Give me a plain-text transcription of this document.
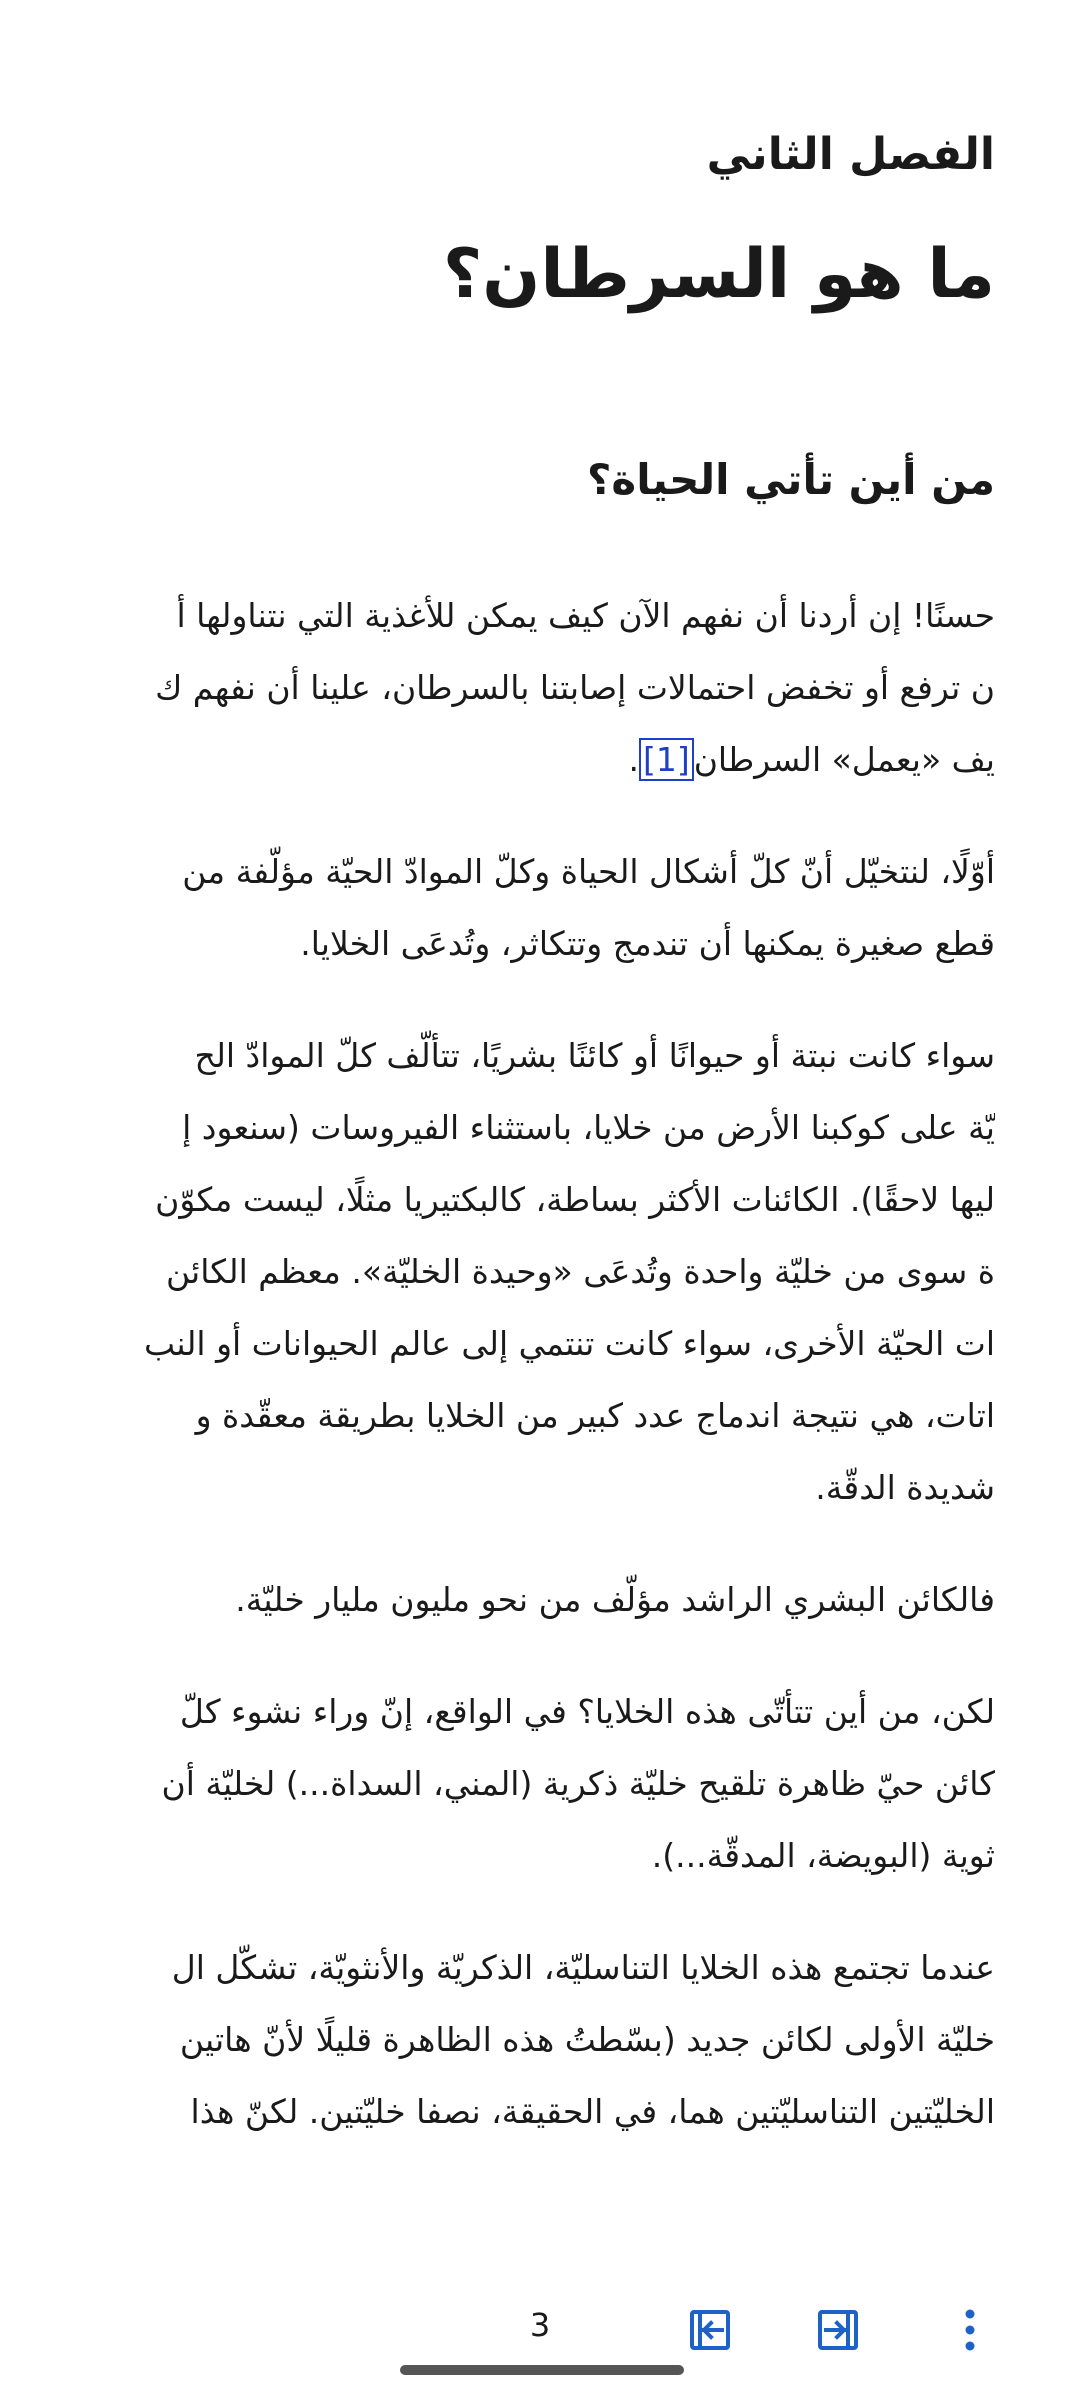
الفصل الثاني
ما هو السرطان؟
من أين تأتي الحياة؟

حسنًا! إن أردنا أن نفهم الآن كيف يمكن للأغذية التي نتناولها أ
ن ترفع أو تخفض احتمالات إصابتنا بالسرطان، علينا أن نفهم ك
يف «يعمل» السرطان[1].

أوّلًا، لنتخيّل أنّ كلّ أشكال الحياة وكلّ الموادّ الحيّة مؤلّفة من
قطع صغيرة يمكنها أن تندمج وتتكاثر، وتُدعَى الخلايا.

سواء كانت نبتة أو حيوانًا أو كائنًا بشريًا، تتألّف كلّ الموادّ الح
يّة على كوكبنا الأرض من خلايا، باستثناء الفيروسات (سنعود إ
ليها لاحقًا). الكائنات الأكثر بساطة، كالبكتيريا مثلًا، ليست مكوّن
ة سوى من خليّة واحدة وتُدعَى «وحيدة الخليّة». معظم الكائن
ات الحيّة الأخرى، سواء كانت تنتمي إلى عالم الحيوانات أو النب
اتات، هي نتيجة اندماج عدد كبير من الخلايا بطريقة معقّدة و
شديدة الدقّة.

فالكائن البشري الراشد مؤلّف من نحو مليون مليار خليّة.

لكن، من أين تتأتّى هذه الخلايا؟ في الواقع، إنّ وراء نشوء كلّ
كائن حيّ ظاهرة تلقيح خليّة ذكرية (المني، السداة...) لخليّة أن
ثوية (البويضة، المدقّة...).

عندما تجتمع هذه الخلايا التناسليّة، الذكريّة والأنثويّة، تشكّل ال
خليّة الأولى لكائن جديد (بسّطتُ هذه الظاهرة قليلًا لأنّ هاتين
الخليّتين التناسليّتين هما، في الحقيقة، نصفا خليّتين. لكنّ هذا

3
